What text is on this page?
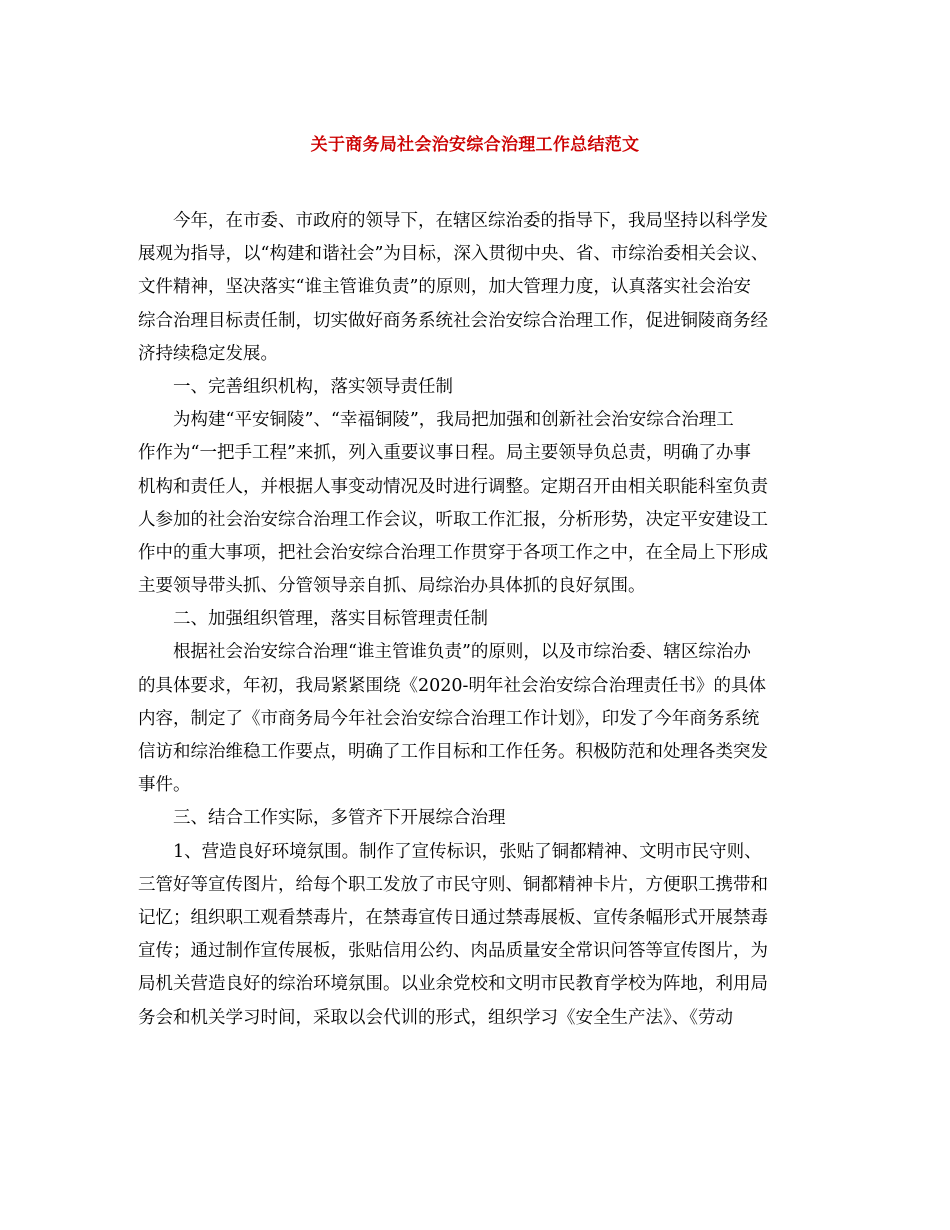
关于商务局社会治安综合治理工作总结范文
今年，在市委、市政府的领导下，在辖区综治委的指导下，我局坚持以科学发
展观为指导，以“构建和谐社会”为目标，深入贯彻中央、省、市综治委相关会议、
文件精神，坚决落实“谁主管谁负责”的原则，加大管理力度，认真落实社会治安
综合治理目标责任制，切实做好商务系统社会治安综合治理工作，促进铜陵商务经
济持续稳定发展。
一、完善组织机构，落实领导责任制
为构建“平安铜陵”、“幸福铜陵”，我局把加强和创新社会治安综合治理工
作作为“一把手工程”来抓，列入重要议事日程。局主要领导负总责，明确了办事
机构和责任人，并根据人事变动情况及时进行调整。定期召开由相关职能科室负责
人参加的社会治安综合治理工作会议，听取工作汇报，分析形势，决定平安建设工
作中的重大事项，把社会治安综合治理工作贯穿于各项工作之中，在全局上下形成
主要领导带头抓、分管领导亲自抓、局综治办具体抓的良好氛围。
二、加强组织管理，落实目标管理责任制
根据社会治安综合治理“谁主管谁负责”的原则，以及市综治委、辖区综治办
的具体要求，年初，我局紧紧围绕《2020-明年社会治安综合治理责任书》的具体
内容，制定了《市商务局今年社会治安综合治理工作计划》，印发了今年商务系统
信访和综治维稳工作要点，明确了工作目标和工作任务。积极防范和处理各类突发
事件。
三、结合工作实际，多管齐下开展综合治理
1、营造良好环境氛围。制作了宣传标识，张贴了铜都精神、文明市民守则、
三管好等宣传图片，给每个职工发放了市民守则、铜都精神卡片，方便职工携带和
记忆；组织职工观看禁毒片，在禁毒宣传日通过禁毒展板、宣传条幅形式开展禁毒
宣传；通过制作宣传展板，张贴信用公约、肉品质量安全常识问答等宣传图片，为
局机关营造良好的综治环境氛围。以业余党校和文明市民教育学校为阵地，利用局
务会和机关学习时间，采取以会代训的形式，组织学习《安全生产法》、《劳动
